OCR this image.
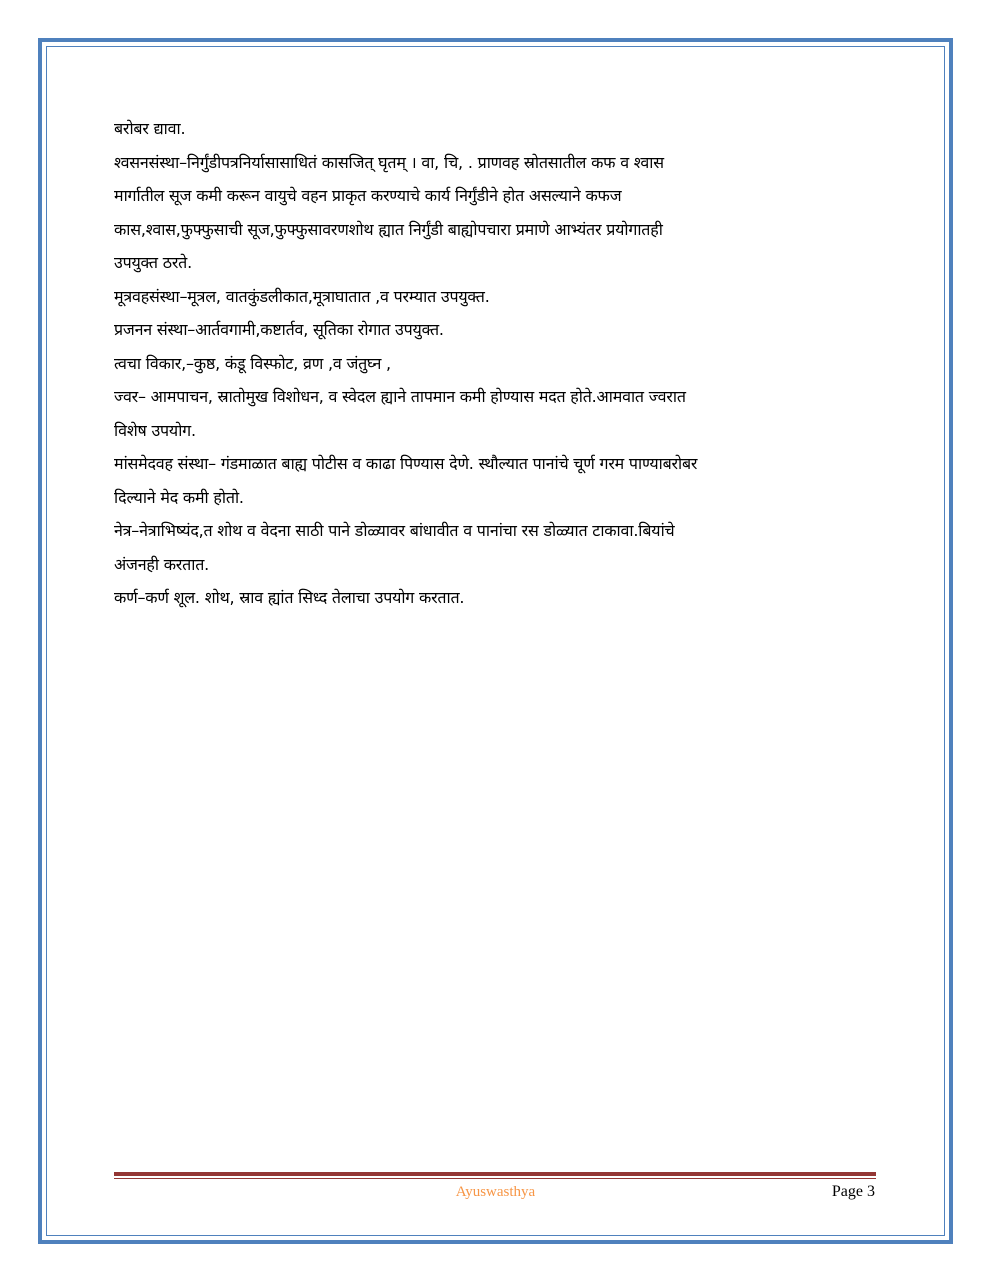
बरोबर द्यावा.
श्वसनसंस्था–निर्गुंडीपत्रनिर्यासासाधितं कासजित् घृतम् । वा, चि, . प्राणवह स्रोतसातील कफ व श्वास
मार्गातील सूज कमी करून वायुचे वहन प्राकृत करण्याचे कार्य निर्गुंडीने होत असल्याने कफज
कास,श्वास,फुफ्फुसाची सूज,फुफ्फुसावरणशोथ ह्यात निर्गुंडी बाह्योपचारा प्रमाणे आभ्यंतर प्रयोगातही
उपयुक्त ठरते.
मूत्रवहसंस्था–मूत्रल, वातकुंडलीकात,मूत्राघातात ,व परम्यात उपयुक्त.
प्रजनन संस्था–आर्तवगामी,कष्टार्तव, सूतिका रोगात उपयुक्त.
त्वचा विकार,–कुष्ठ, कंडू विस्फोट, व्रण ,व जंतुघ्न ,
ज्वर– आमपाचन, स्रातोमुख विशोधन, व स्वेदल ह्याने तापमान कमी होण्यास मदत होते.आमवात ज्वरात
विशेष उपयोग.
मांसमेदवह संस्था– गंडमाळात बाह्य पोटीस व काढा पिण्यास देणे. स्थौल्यात पानांचे चूर्ण गरम पाण्याबरोबर
दिल्याने मेद कमी होतो.
नेत्र–नेत्राभिष्यंद,त शोथ व वेदना साठी पाने डोळ्यावर बांधावीत व पानांचा रस डोळ्यात टाकावा.बियांचे
अंजनही करतात.
कर्ण–कर्ण शूल. शोथ, स्राव ह्यांत सिध्द तेलाचा उपयोग करतात.
Ayuswasthya	Page 3
